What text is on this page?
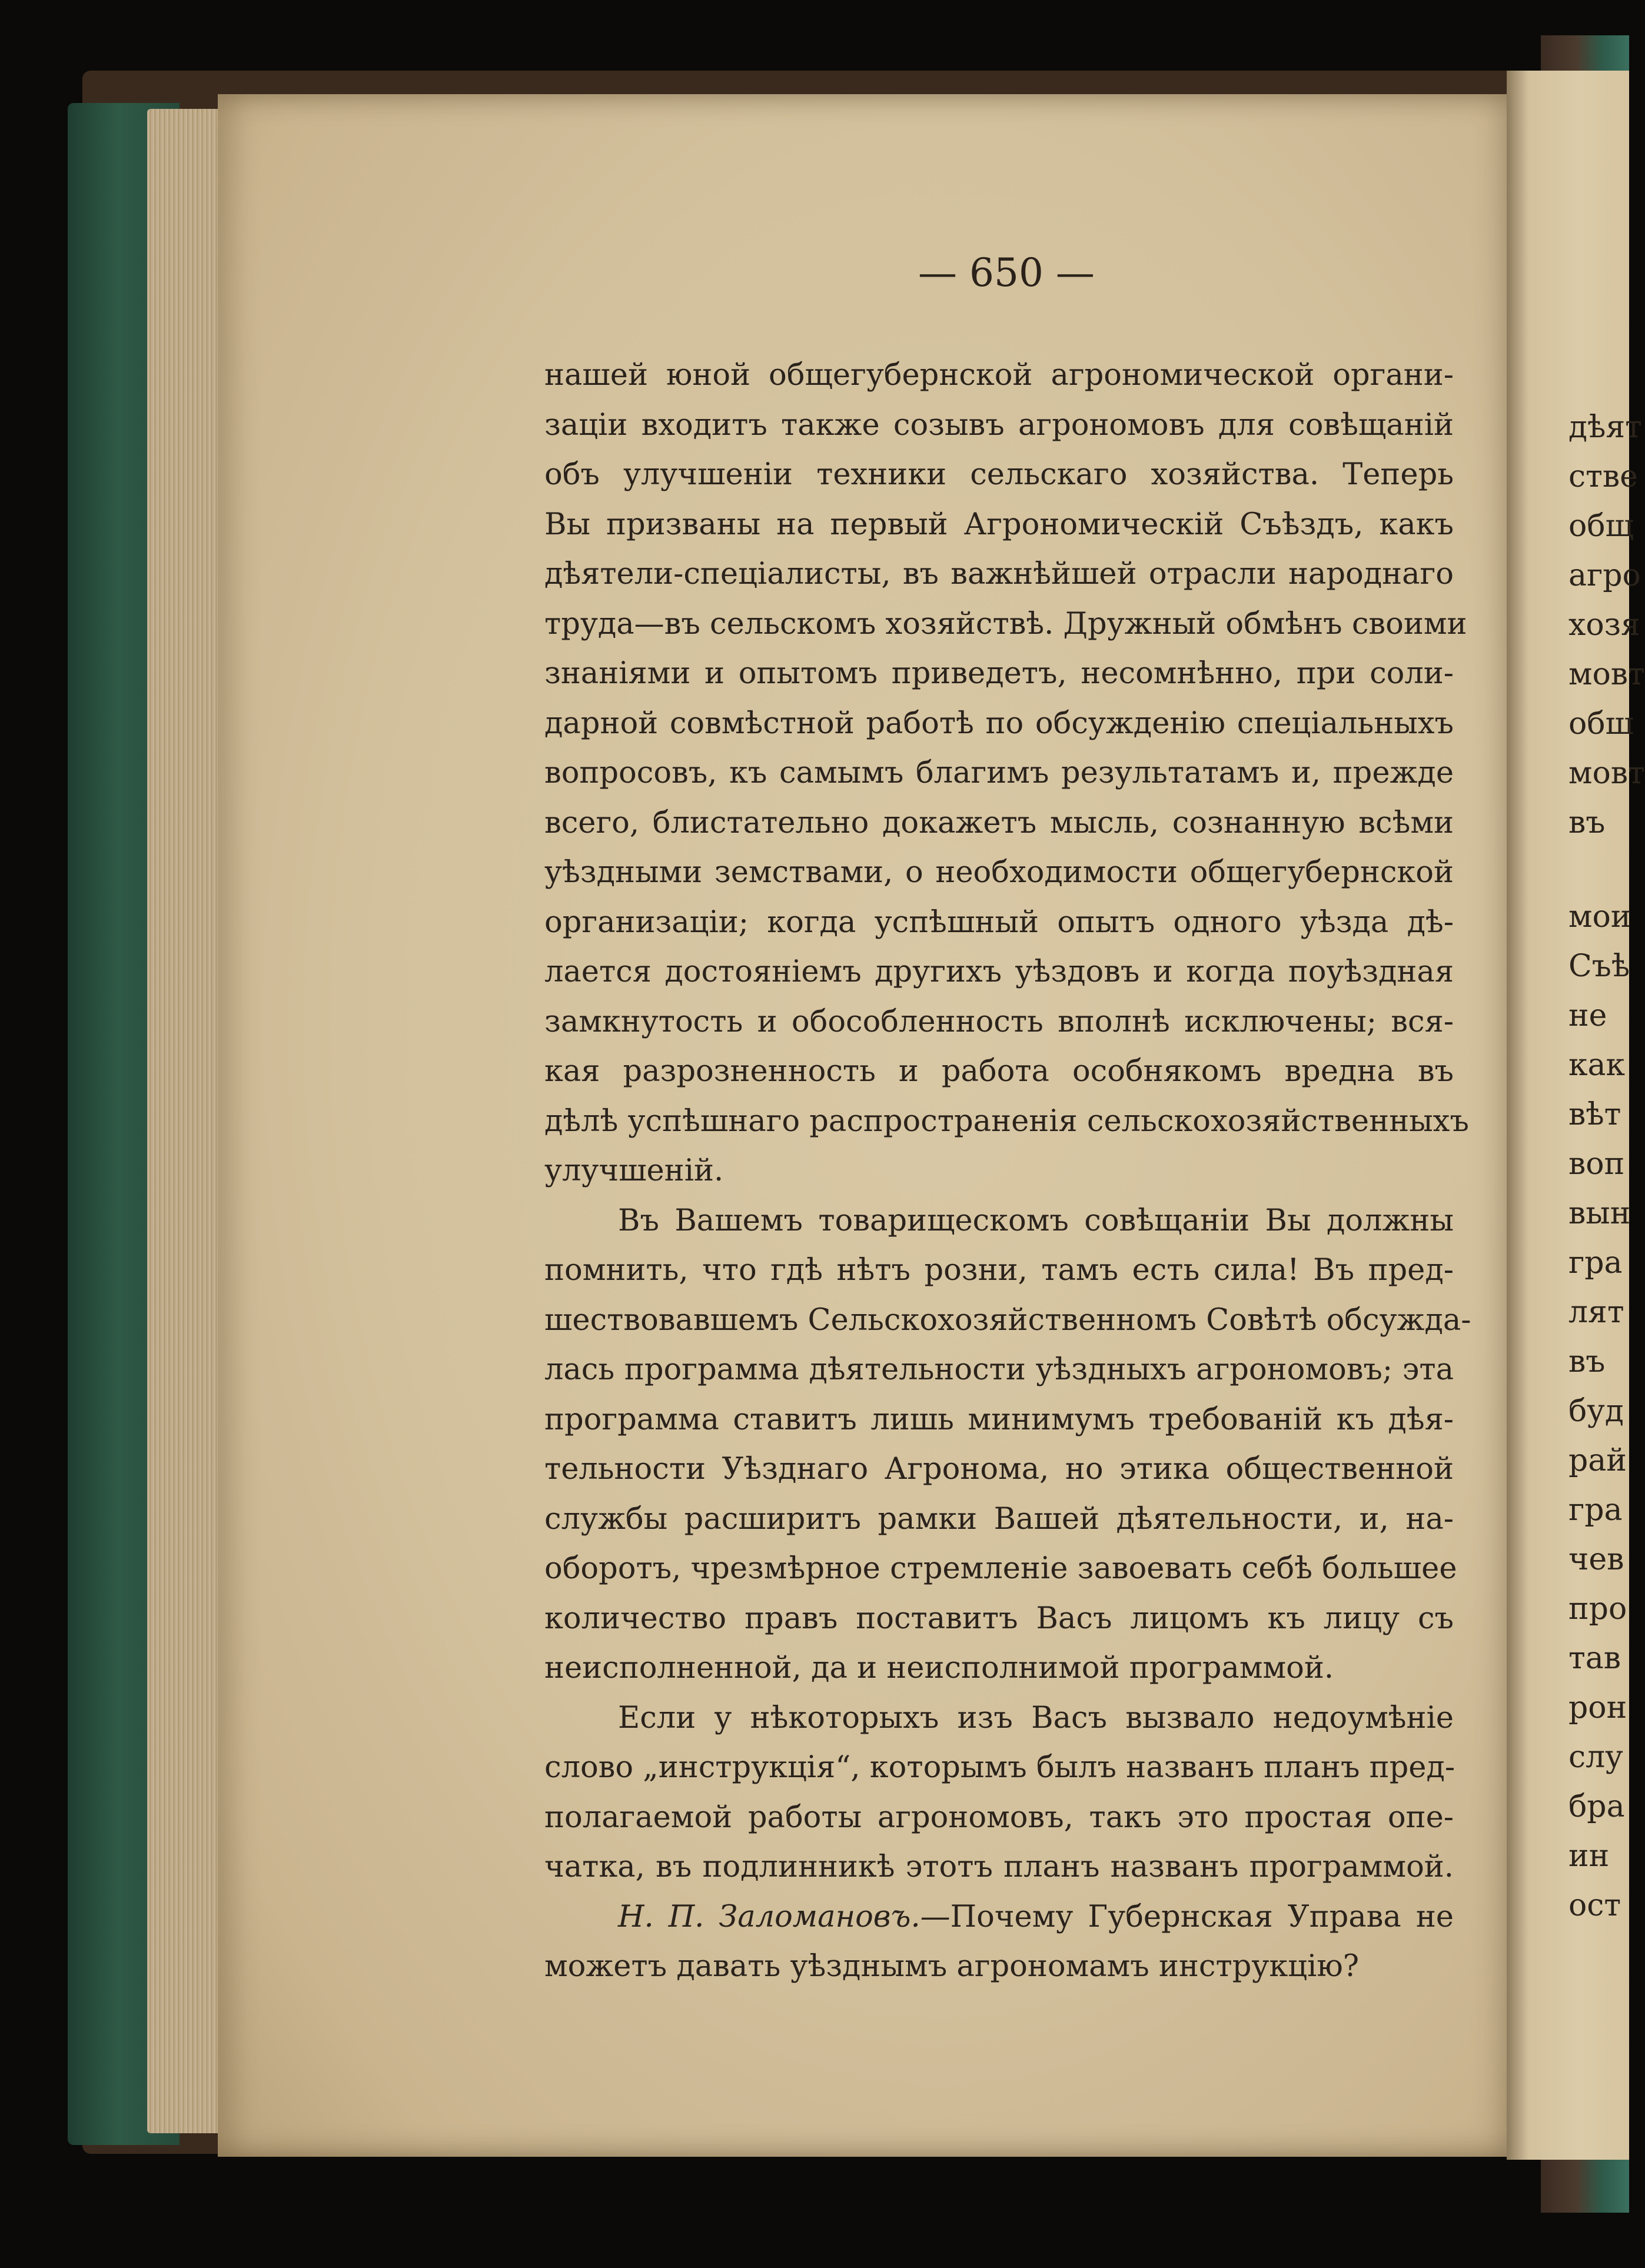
— 650 —
нашей юной общегубернской агрономической органи-
заціи входитъ также созывъ агрономовъ для совѣщаній
объ улучшеніи техники сельскаго хозяйства. Теперь
Вы призваны на первый Агрономическій Съѣздъ, какъ
дѣятели-спеціалисты, въ важнѣйшей отрасли народнаго
труда—въ сельскомъ хозяйствѣ. Дружный обмѣнъ своими
знаніями и опытомъ приведетъ, несомнѣнно, при соли-
дарной совмѣстной работѣ по обсужденію спеціальныхъ
вопросовъ, къ самымъ благимъ результатамъ и, прежде
всего, блистательно докажетъ мысль, сознанную всѣми
уѣздными земствами, о необходимости общегубернской
организаціи; когда успѣшный опытъ одного уѣзда дѣ-
лается достояніемъ другихъ уѣздовъ и когда поуѣздная
замкнутость и обособленность вполнѣ исключены; вся-
кая разрозненность и работа особнякомъ вредна въ
дѣлѣ успѣшнаго распространенія сельскохозяйственныхъ
улучшеній.
Въ Вашемъ товарищескомъ совѣщаніи Вы должны
помнить, что гдѣ нѣтъ розни, тамъ есть сила! Въ пред-
шествовавшемъ Сельскохозяйственномъ Совѣтѣ обсуждa-
лась программа дѣятельности уѣздныхъ агрономовъ; эта
программа ставитъ лишь минимумъ требованій къ дѣя-
тельности Уѣзднаго Агронома, но этика общественной
службы расширитъ рамки Вашей дѣятельности, и, на-
оборотъ, чрезмѣрное стремленіе завоевать себѣ большее
количество правъ поставитъ Васъ лицомъ къ лицу съ
неисполненной, да и неисполнимой программой.
Если у нѣкоторыхъ изъ Васъ вызвало недоумѣніе
слово „инструкція“, которымъ былъ названъ планъ пред-
полагаемой работы агрономовъ, такъ это простая опе-
чатка, въ подлинникѣ этотъ планъ названъ программой.
Н. П. Заломановъ.—Почему Губернская Управа не
можетъ давать уѣзднымъ агрономамъ инструкцію?
дѣят
стве
общ
агро
хозя
мовт
обш
мовт
въ
мои
Съѣ
не
как
вѣт
воп
вын
гра
лят
въ
буд
рай
гра
чев
про
тав
рон
слу
бра
ин
ост
